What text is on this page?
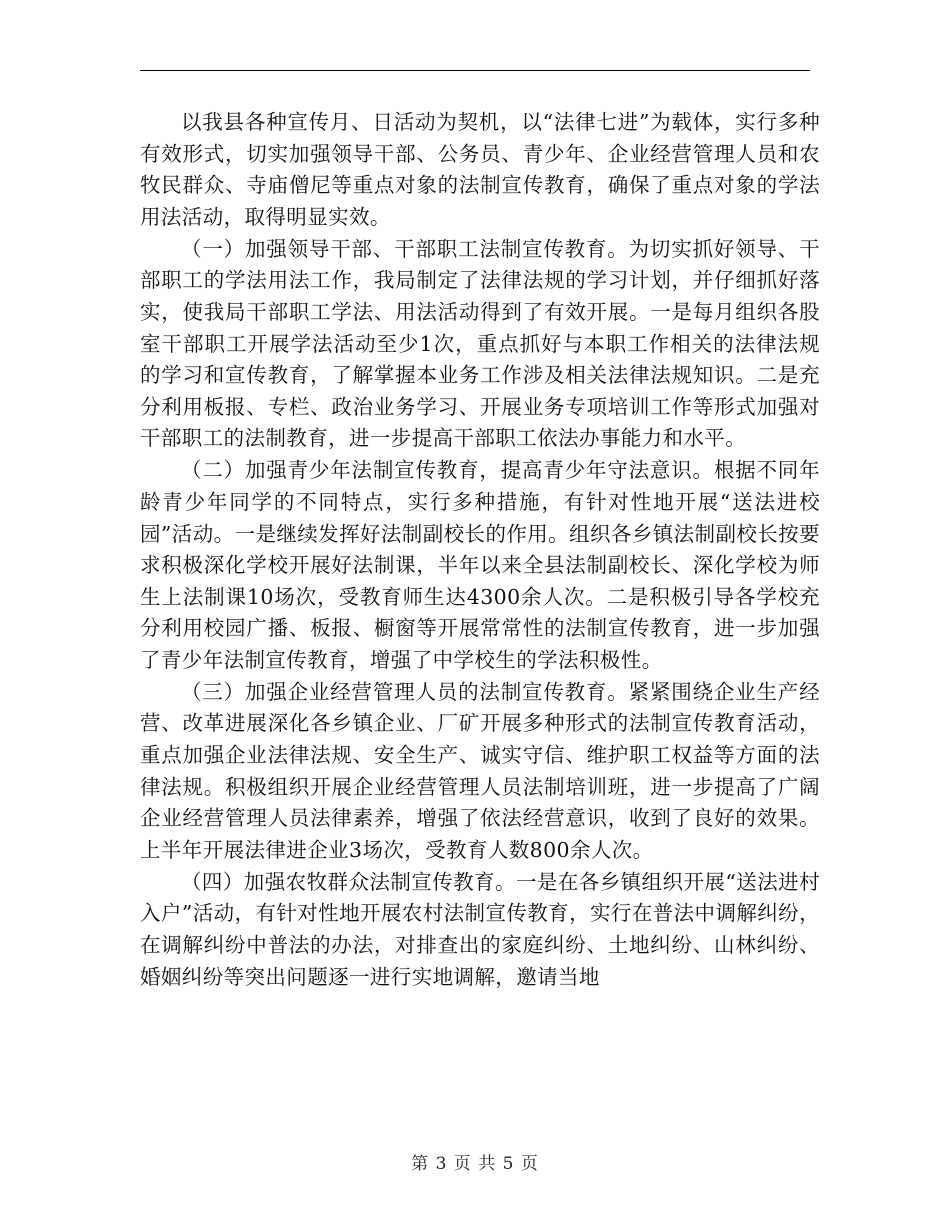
以我县各种宣传月、日活动为契机，以“法律七进”为载体，实行多种有效形式，切实加强领导干部、公务员、青少年、企业经营管理人员和农牧民群众、寺庙僧尼等重点对象的法制宣传教育，确保了重点对象的学法用法活动，取得明显实效。

（一）加强领导干部、干部职工法制宣传教育。为切实抓好领导、干部职工的学法用法工作，我局制定了法律法规的学习计划，并仔细抓好落实，使我局干部职工学法、用法活动得到了有效开展。一是每月组织各股室干部职工开展学法活动至少1次，重点抓好与本职工作相关的法律法规的学习和宣传教育，了解掌握本业务工作涉及相关法律法规知识。二是充分利用板报、专栏、政治业务学习、开展业务专项培训工作等形式加强对干部职工的法制教育，进一步提高干部职工依法办事能力和水平。

（二）加强青少年法制宣传教育，提高青少年守法意识。根据不同年龄青少年同学的不同特点，实行多种措施，有针对性地开展“送法进校园”活动。一是继续发挥好法制副校长的作用。组织各乡镇法制副校长按要求积极深化学校开展好法制课，半年以来全县法制副校长、深化学校为师生上法制课10场次，受教育师生达4300余人次。二是积极引导各学校充分利用校园广播、板报、橱窗等开展常常性的法制宣传教育，进一步加强了青少年法制宣传教育，增强了中学校生的学法积极性。

（三）加强企业经营管理人员的法制宣传教育。紧紧围绕企业生产经营、改革进展深化各乡镇企业、厂矿开展多种形式的法制宣传教育活动，重点加强企业法律法规、安全生产、诚实守信、维护职工权益等方面的法律法规。积极组织开展企业经营管理人员法制培训班，进一步提高了广阔企业经营管理人员法律素养，增强了依法经营意识，收到了良好的效果。上半年开展法律进企业3场次，受教育人数800余人次。

（四）加强农牧群众法制宣传教育。一是在各乡镇组织开展“送法进村入户”活动，有针对性地开展农村法制宣传教育，实行在普法中调解纠纷，在调解纠纷中普法的办法，对排查出的家庭纠纷、土地纠纷、山林纠纷、婚姻纠纷等突出问题逐一进行实地调解，邀请当地

第 3 页 共 5 页
